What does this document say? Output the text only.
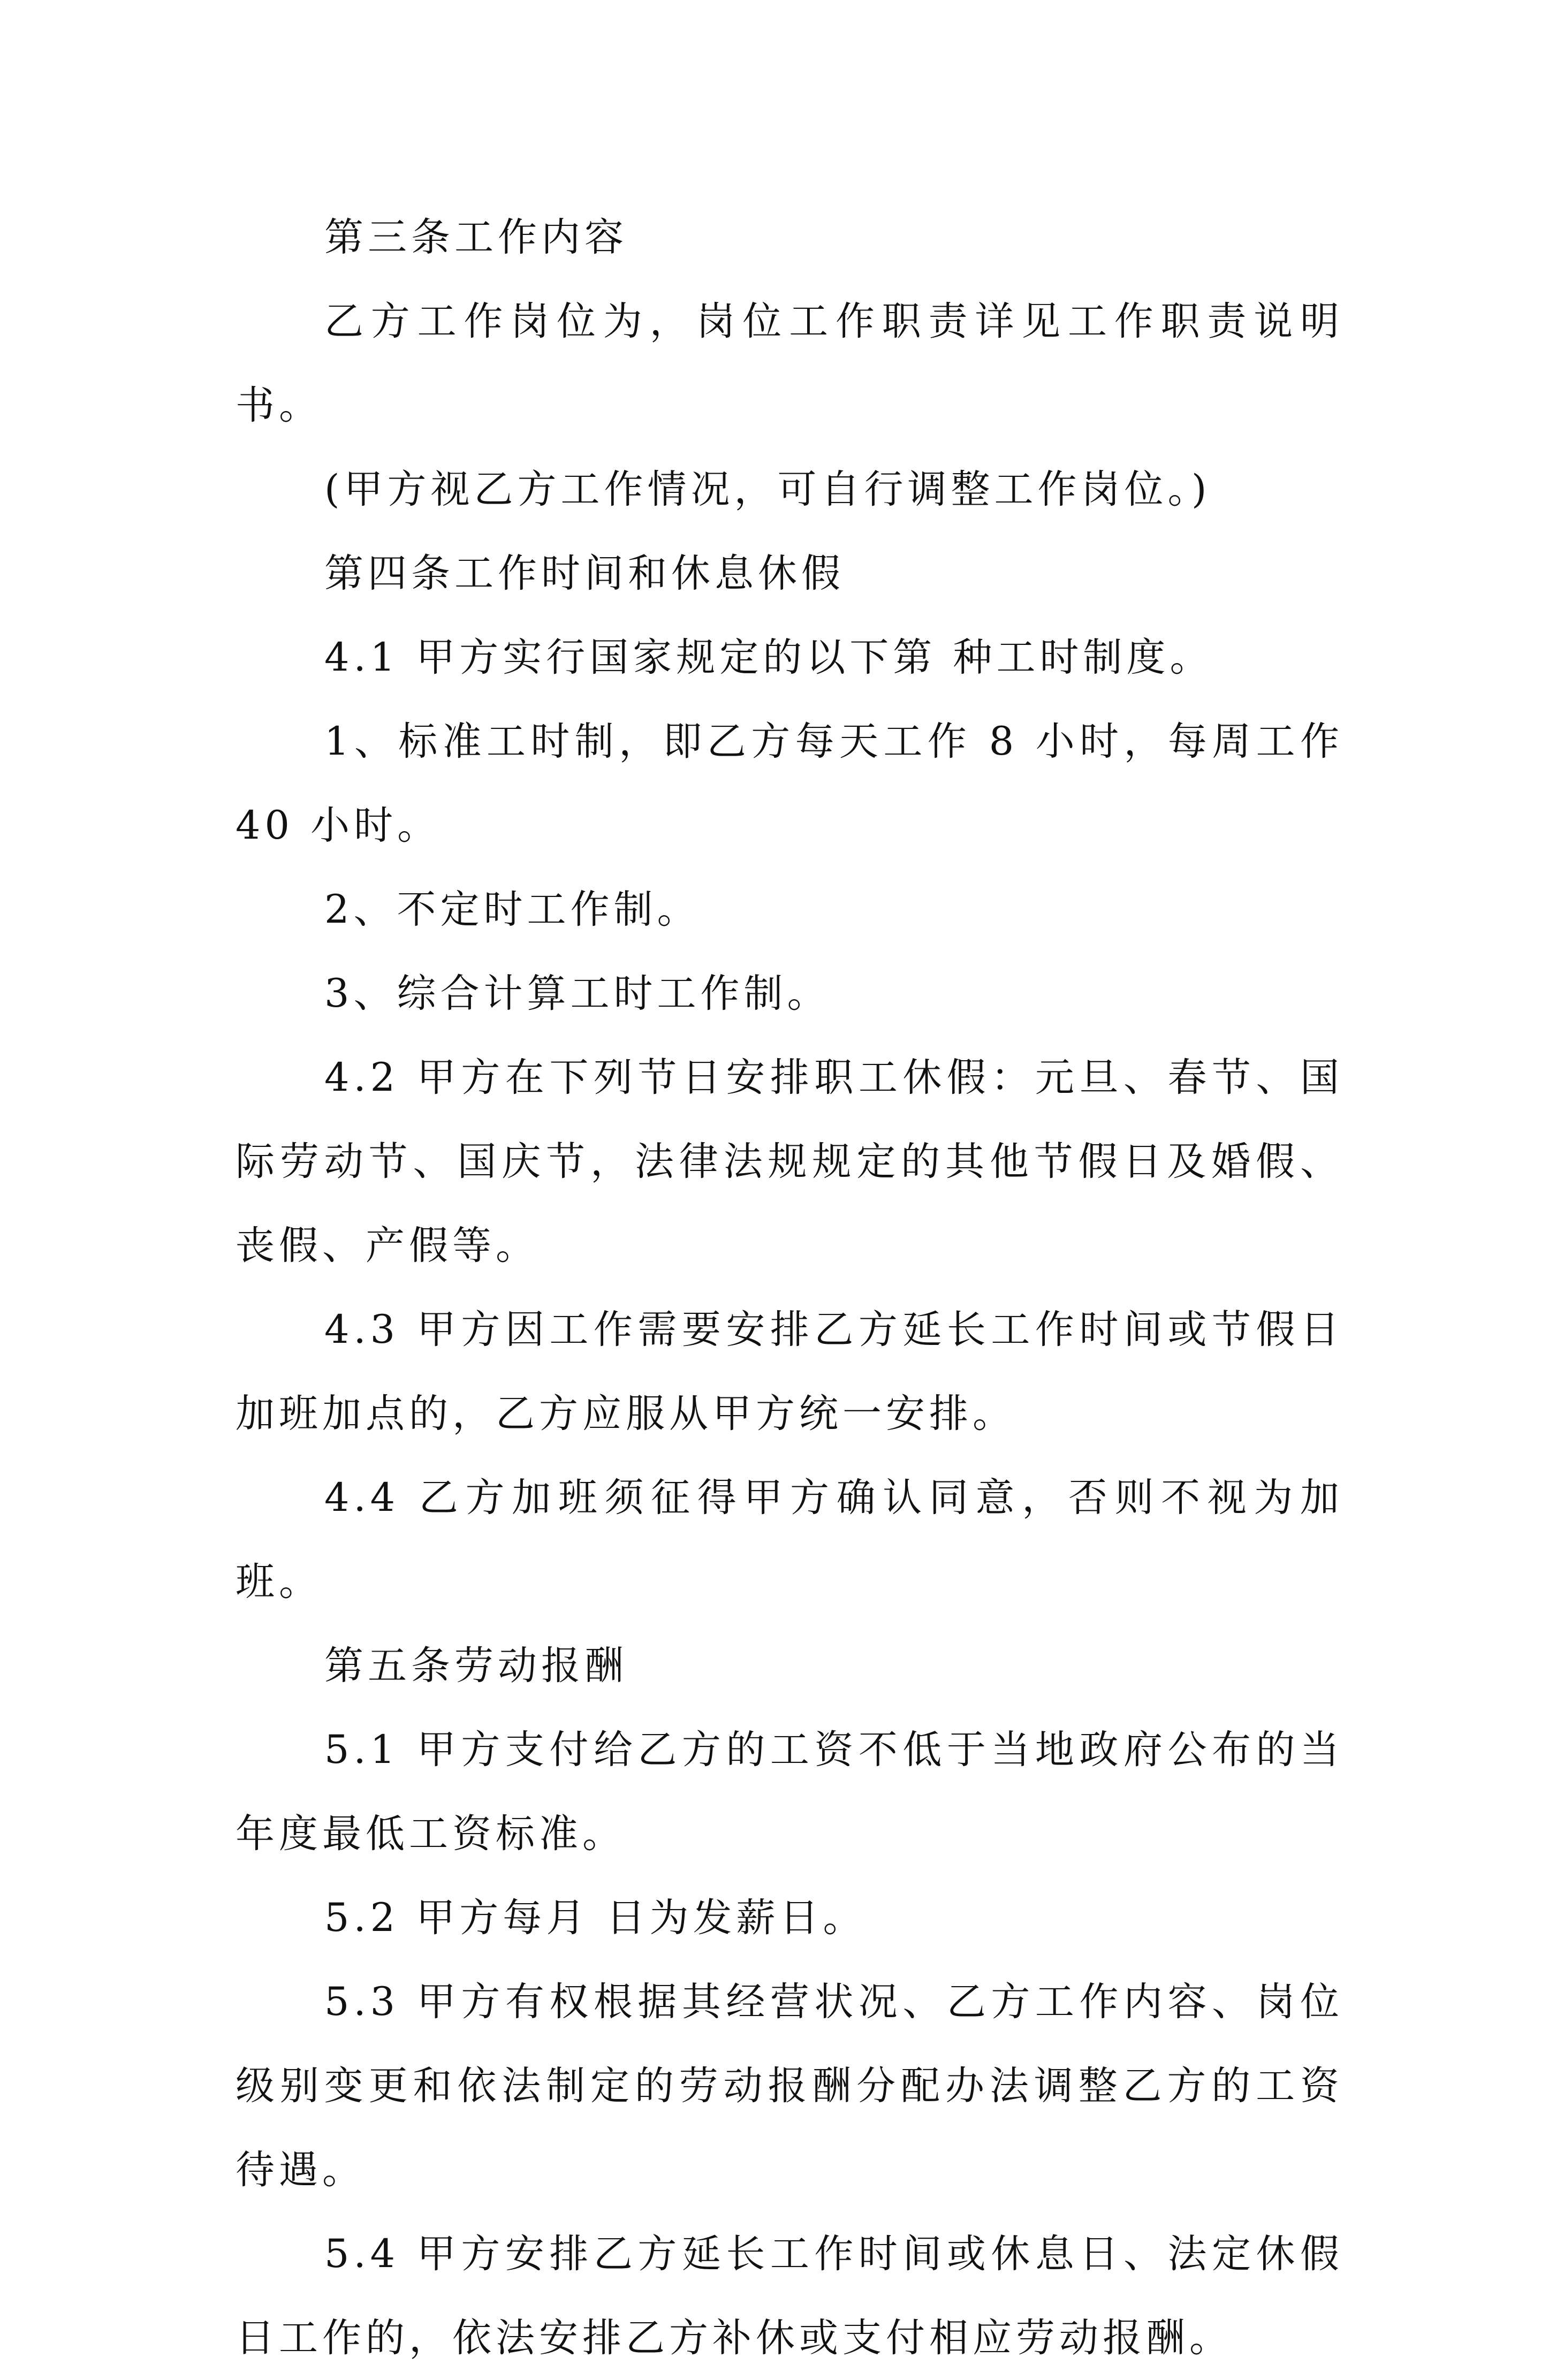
第三条工作内容

乙方工作岗位为，岗位工作职责详见工作职责说明书。

(甲方视乙方工作情况，可自行调整工作岗位。)

第四条工作时间和休息休假

4.1 甲方实行国家规定的以下第 种工时制度。

1、标准工时制，即乙方每天工作 8 小时，每周工作 40 小时。

2、不定时工作制。

3、综合计算工时工作制。

4.2 甲方在下列节日安排职工休假：元旦、春节、国际劳动节、国庆节，法律法规规定的其他节假日及婚假、丧假、产假等。

4.3 甲方因工作需要安排乙方延长工作时间或节假日加班加点的，乙方应服从甲方统一安排。

4.4 乙方加班须征得甲方确认同意，否则不视为加班。

第五条劳动报酬

5.1 甲方支付给乙方的工资不低于当地政府公布的当年度最低工资标准。

5.2 甲方每月 日为发薪日。

5.3 甲方有权根据其经营状况、乙方工作内容、岗位级别变更和依法制定的劳动报酬分配办法调整乙方的工资待遇。

5.4 甲方安排乙方延长工作时间或休息日、法定休假日工作的，依法安排乙方补休或支付相应劳动报酬。
